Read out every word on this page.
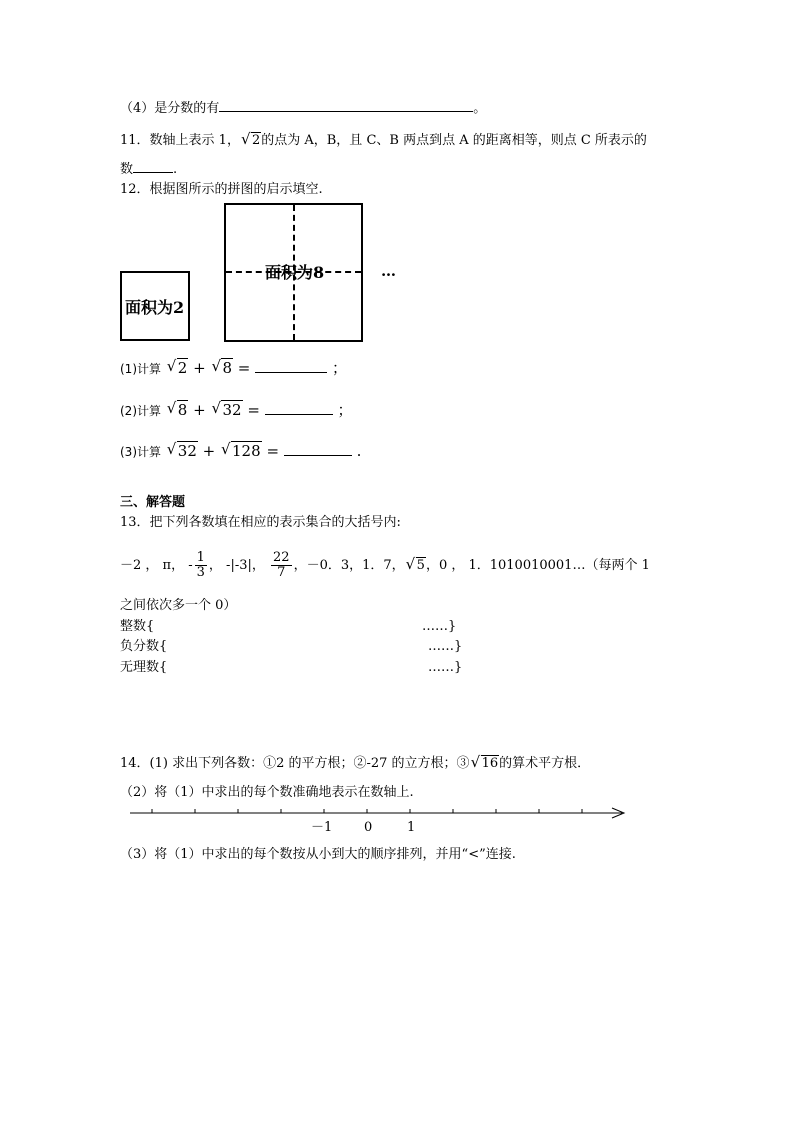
（4）是分数的有	。
11．数轴上表示 1， √ 2的点为 A，B，且 C、B 两点到点 A 的距离相等，则点 C 所表示的
数	.
12．根据图所示的拼图的启示填空.
面积为2
面积为8	…
(1)计算 √ 2 + √ 8 =	；
(2)计算 √ 8 + √ 32 =	；
(3)计算 √ 32 + √ 128 =	.
三、解答题
13．把下列各数填在相应的表示集合的大括号内:
－2 ， π， - $\frac{1}{3}$ ， -|-3|， $\frac{22}{7}$ ，－0．3，1．7， √ 5，0 ， 1．1010010001…（每两个 1
之间依次多一个 0）
整数{	……}
负分数{	……}
无理数{	……}
14．(1) 求出下列各数：①2 的平方根；②-27 的立方根；③ √ 16的算术平方根．
（2）将（1）中求出的每个数准确地表示在数轴上.
－1 0	1
（3）将（1）中求出的每个数按从小到大的顺序排列，并用“<”连接.
